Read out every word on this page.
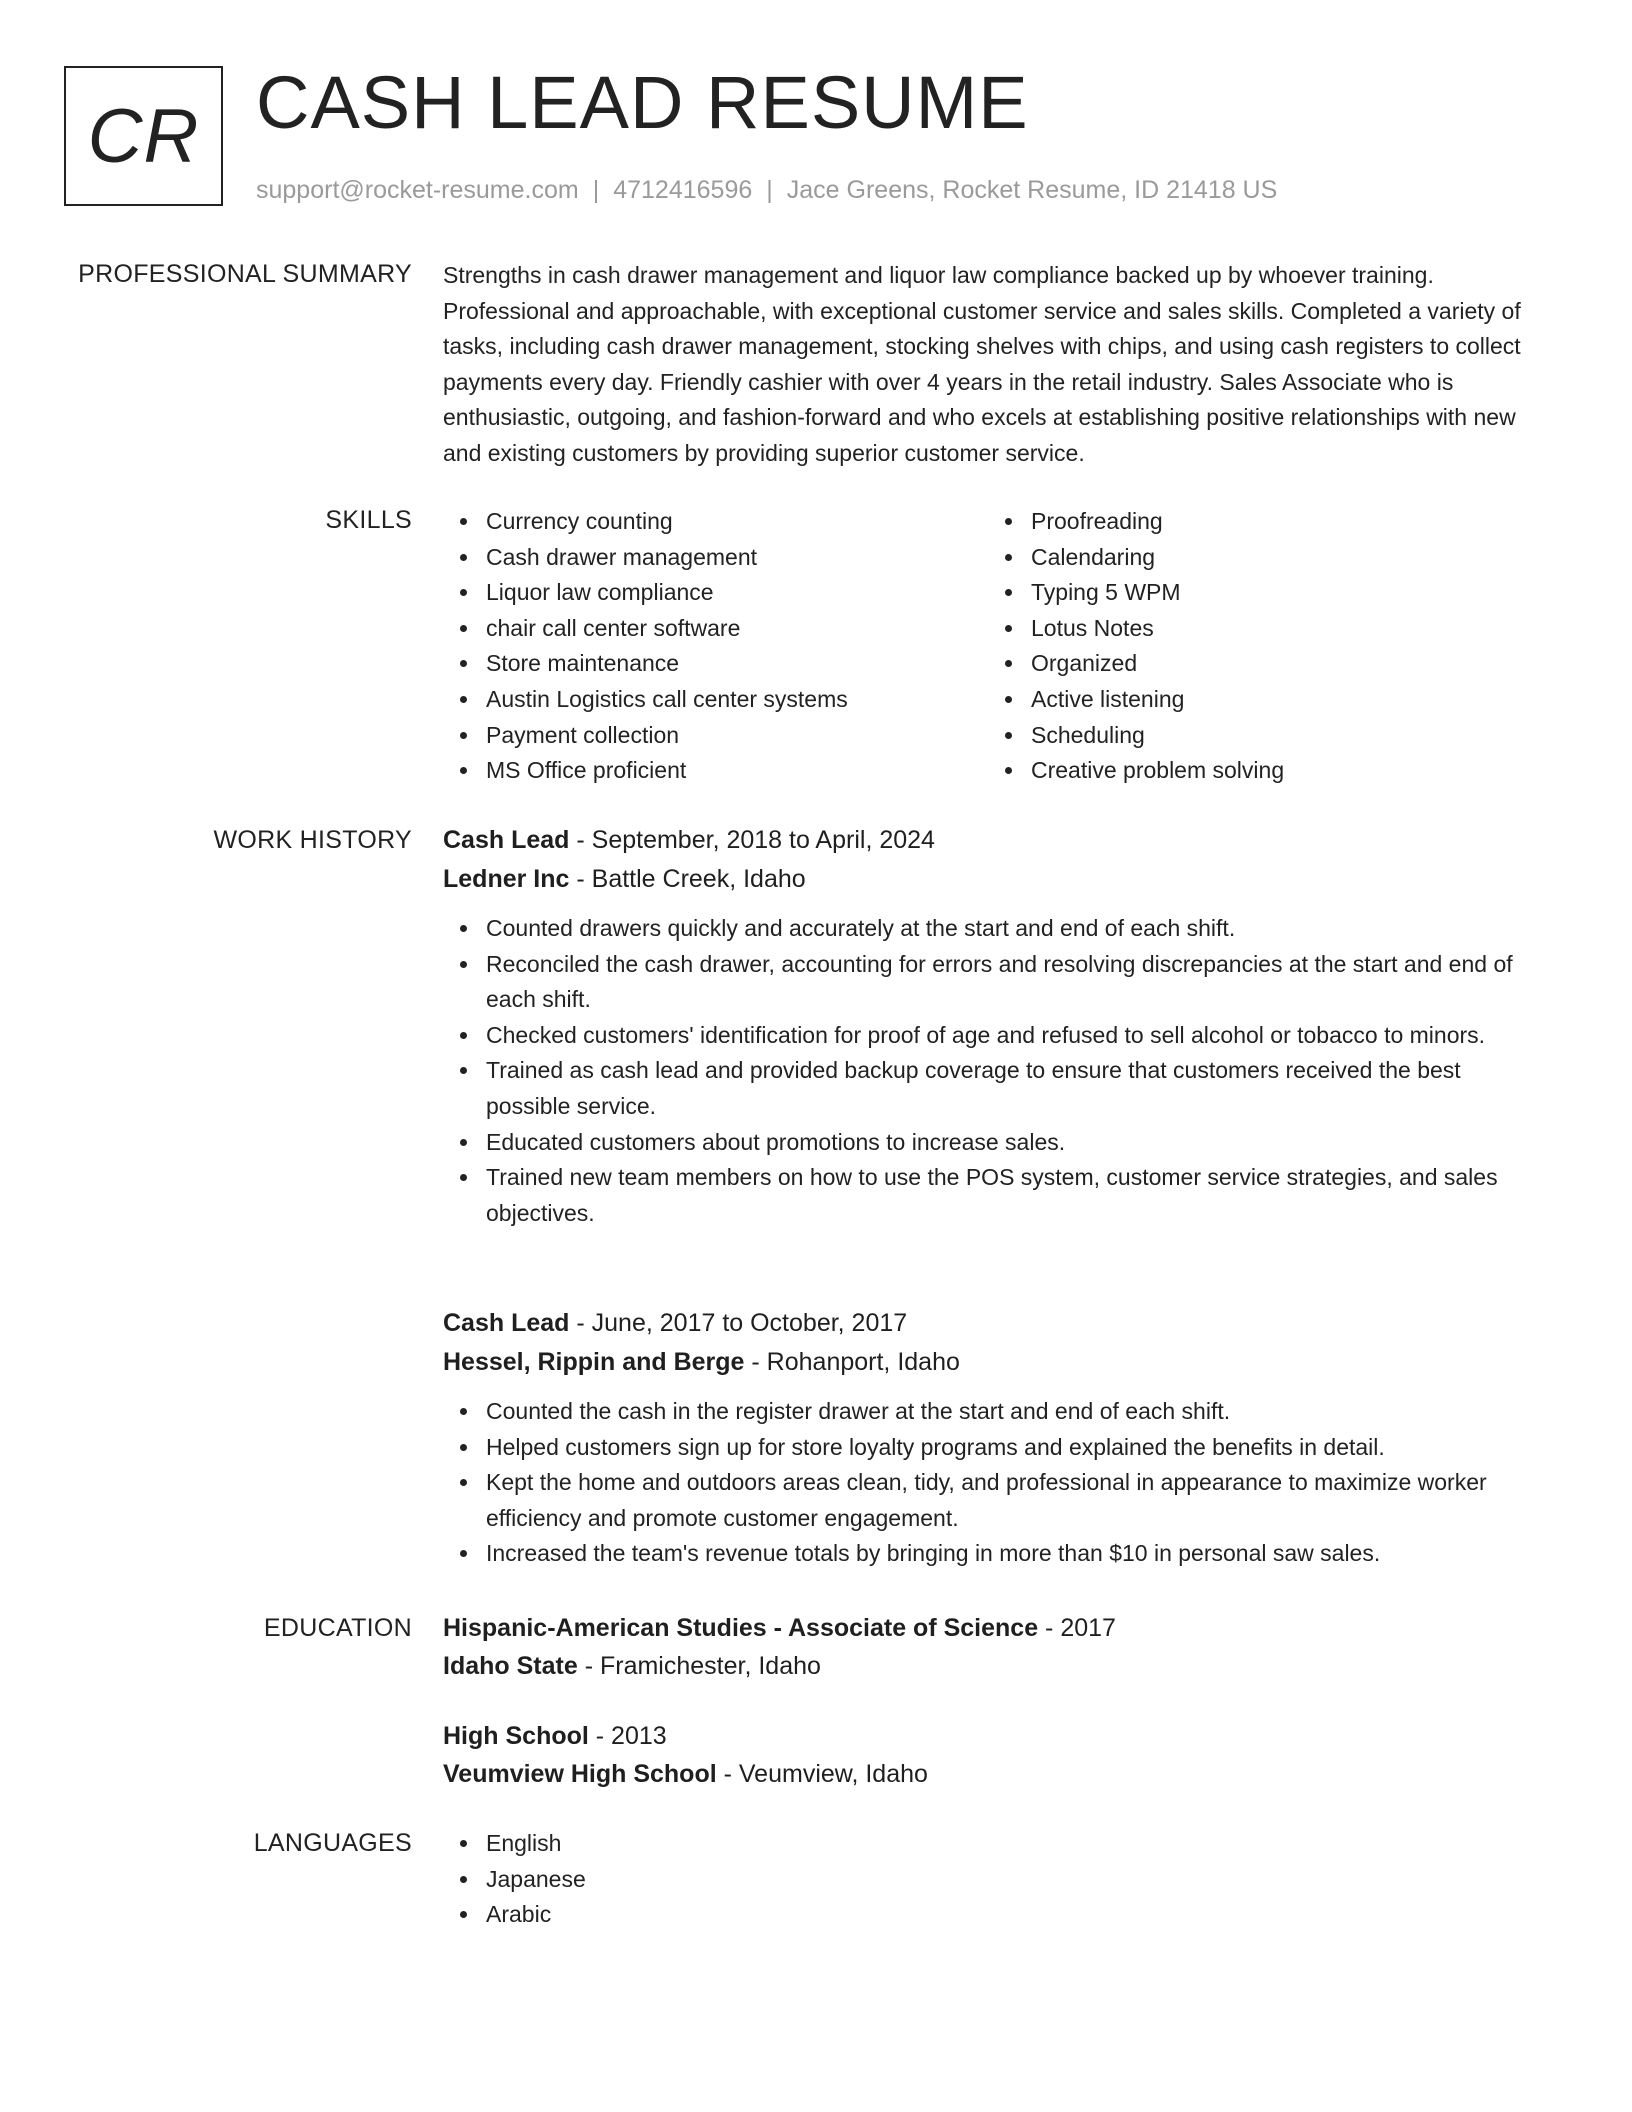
CR CASH LEAD RESUME
support@rocket-resume.com | 4712416596 | Jace Greens, Rocket Resume, ID 21418 US
PROFESSIONAL SUMMARY Strengths in cash drawer management and liquor law compliance backed up by whoever training. Professional and approachable, with exceptional customer service and sales skills. Completed a variety of tasks, including cash drawer management, stocking shelves with chips, and using cash registers to collect payments every day. Friendly cashier with over 4 years in the retail industry. Sales Associate who is enthusiastic, outgoing, and fashion-forward and who excels at establishing positive relationships with new and existing customers by providing superior customer service.

SKILLS	Currency counting
Cash drawer management
Liquor law compliance
chair call center software
Store maintenance
Austin Logistics call center systems
Payment collection
MS Office proficient
Proofreading
Calendaring
Typing 5 WPM
Lotus Notes
Organized
Active listening
Scheduling
Creative problem solving
WORK HISTORY Cash Lead - September, 2018 to April, 2024
Ledner Inc - Battle Creek, Idaho
Counted drawers quickly and accurately at the start and end of each shift.
Reconciled the cash drawer, accounting for errors and resolving discrepancies at the start and end of each shift.
Checked customers' identification for proof of age and refused to sell alcohol or tobacco to minors.
Trained as cash lead and provided backup coverage to ensure that customers received the best possible service.
Educated customers about promotions to increase sales.
Trained new team members on how to use the POS system, customer service strategies, and sales objectives.
Cash Lead - June, 2017 to October, 2017
Hessel, Rippin and Berge - Rohanport, Idaho
Counted the cash in the register drawer at the start and end of each shift.
Helped customers sign up for store loyalty programs and explained the benefits in detail.
Kept the home and outdoors areas clean, tidy, and professional in appearance to maximize worker efficiency and promote customer engagement.
Increased the team's revenue totals by bringing in more than $10 in personal saw sales.
EDUCATION Hispanic-American Studies - Associate of Science - 2017
Idaho State - Framichester, Idaho
High School - 2013
Veumview High School - Veumview, Idaho
LANGUAGES	English
Japanese
Arabic
